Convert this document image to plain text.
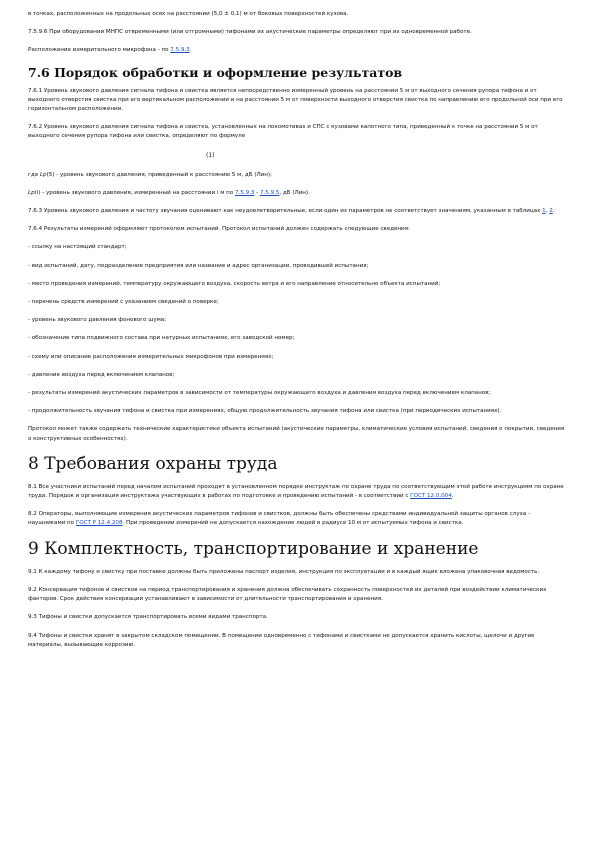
в точках, расположенных на продольных осях на расстоянии (5,0 ± 0,1) м от боковых поверхностей кузова.

7.5.9.6 При оборудовании МНПС отвременными (или отгромными) тифонами их акустические параметры определяют при их одновременной работе.

Расположение измерительного микрофона - по 7.5.9.3.

7.6 Порядок обработки и оформление результатов

7.6.1 Уровень звукового давления сигнала тифона и свистка является непосредственно измеренный уровень на расстоянии 5 м от выходного сечения рупора тифона и от выходного отверстия свистка при его вертикальном расположении и на расстоянии 5 м от поверхности выходного отверстия свистка по направлению его продольной оси при его горизонтальном расположении.

7.6.2 Уровень звукового давления сигнала тифона и свистка, установленных на локомотивах и СПС с кузовами капотного типа, приведенный к точке на расстоянии 5 м от выходного сечения рупора тифона или свистка, определяют по формуле

(1)

где Lp(5) - уровень звукового давления, приведенный к расстоянию 5 м, дБ (Лин);

Lp(i) - уровень звукового давления, измеренный на расстоянии i м по 7.5.9.3 - 7.5.9.5, дБ (Лин).

7.6.3 Уровень звукового давления и частоту звучания оценивают как неудовлетворительные, если один из параметров не соответствует значениям, указанным в таблицах 1, 2.

7.6.4 Результаты измерений оформляют протоколом испытаний. Протокол испытаний должен содержать следующие сведения:

- ссылку на настоящий стандарт;

- вид испытаний, дату, подразделение предприятия или название и адрес организации, проводившей испытания;

- место проведения измерений, температуру окружающего воздуха, скорость ветра и его направление относительно объекта испытаний;

- перечень средств измерений с указанием сведений о поверке;

- уровень звукового давления фонового шума;

- обозначение типа подвижного состава при натурных испытаниях, его заводской номер;

- схему или описание расположения измерительных микрофонов при измерениях;

- давление воздуха перед включением клапанов;

- результаты измерений акустических параметров в зависимости от температуры окружающего воздуха и давления воздуха перед включением клапанов;

- продолжительность звучания тифона и свистка при измерениях, общую продолжительность звучания тифона или свистка (при периодических испытаниях).

Протокол может также содержать технические характеристики объекта испытаний (акустические параметры, климатические условия испытаний, сведения о покрытии, сведения о конструктивных особенностях).

8 Требования охраны труда

8.1 Все участники испытаний перед началом испытаний проходят в установленном порядке инструктаж по охране труда по соответствующим этой работе инструкциям по охране труда. Порядок и организация инструктажа участвующих в работах по подготовке и проведению испытаний - в соответствии с ГОСТ 12.0.004.

8.2 Операторы, выполняющие измерения акустических параметров тифонов и свистков, должны быть обеспечены средствами индивидуальной защиты органов слуха - наушниками по ГОСТ Р 12.4.208. При проведении измерений не допускается нахождение людей в радиусе 10 м от испытуемых тифона и свистка.

9 Комплектность, транспортирование и хранение

9.1 К каждому тифону и свистку при поставке должны быть приложены паспорт изделия, инструкция по эксплуатации и в каждый ящик вложена упаковочная ведомость.

9.2 Консервация тифонов и свистков на период транспортирования и хранения должна обеспечивать сохранность поверхностей их деталей при воздействии климатических факторов. Срок действия консервации устанавливают в зависимости от длительности транспортирования и хранения.

9.3 Тифоны и свистки допускается транспортировать всеми видами транспорта.

9.4 Тифоны и свистки хранят в закрытом складском помещении. В помещении одновременно с тифонами и свистками не допускается хранить кислоты, щелочи и другие материалы, вызывающие коррозию.
